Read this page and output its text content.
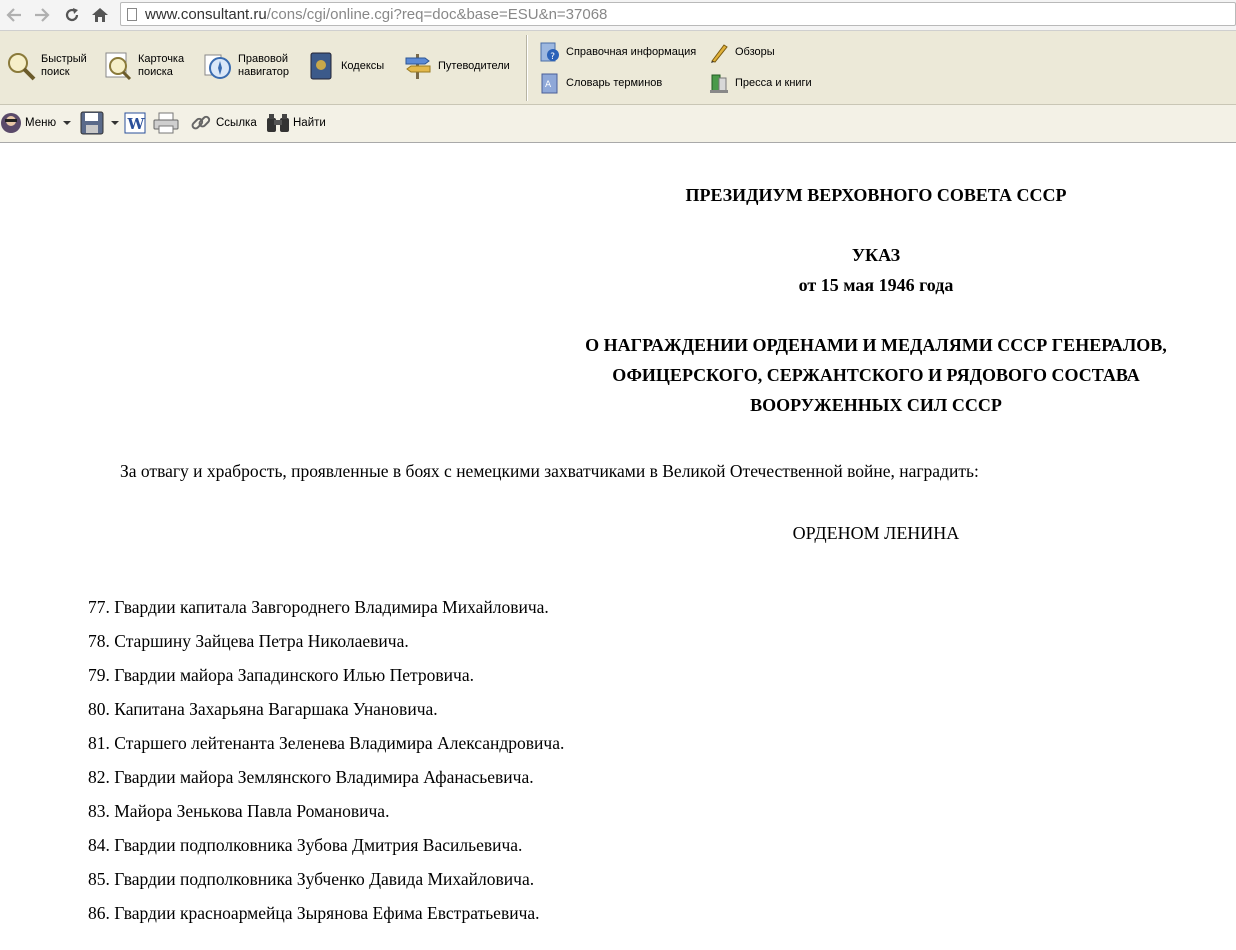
www.consultant.ru/cons/cgi/online.cgi?req=doc&base=ESU&n=37068
Быстрый
поиск
Карточка
поиска
Правовой
навигатор
Кодексы	Путеводители
? Справочная информация	Обзоры
A Словарь терминов	Пресса и книги
Меню	W	Ссылка	Найти
ПРЕЗИДИУМ ВЕРХОВНОГО СОВЕТА СССР
УКАЗ
от 15 мая 1946 года
О НАГРАЖДЕНИИ ОРДЕНАМИ И МЕДАЛЯМИ СССР ГЕНЕРАЛОВ,
ОФИЦЕРСКОГО, СЕРЖАНТСКОГО И РЯДОВОГО СОСТАВА
ВООРУЖЕННЫХ СИЛ СССР
За отвагу и храбрость, проявленные в боях с немецкими захватчиками в Великой Отечественной войне, наградить:
ОРДЕНОМ ЛЕНИНА
77. Гвардии капитала Завгороднего Владимира Михайловича.
78. Старшину Зайцева Петра Николаевича.
79. Гвардии майора Западинского Илью Петровича.
80. Капитана Захарьяна Вагаршака Унановича.
81. Старшего лейтенанта Зеленева Владимира Александровича.
82. Гвардии майора Землянского Владимира Афанасьевича.
83. Майора Зенькова Павла Романовича.
84. Гвардии подполковника Зубова Дмитрия Васильевича.
85. Гвардии подполковника Зубченко Давида Михайловича.
86. Гвардии красноармейца Зырянова Ефима Евстратьевича.
